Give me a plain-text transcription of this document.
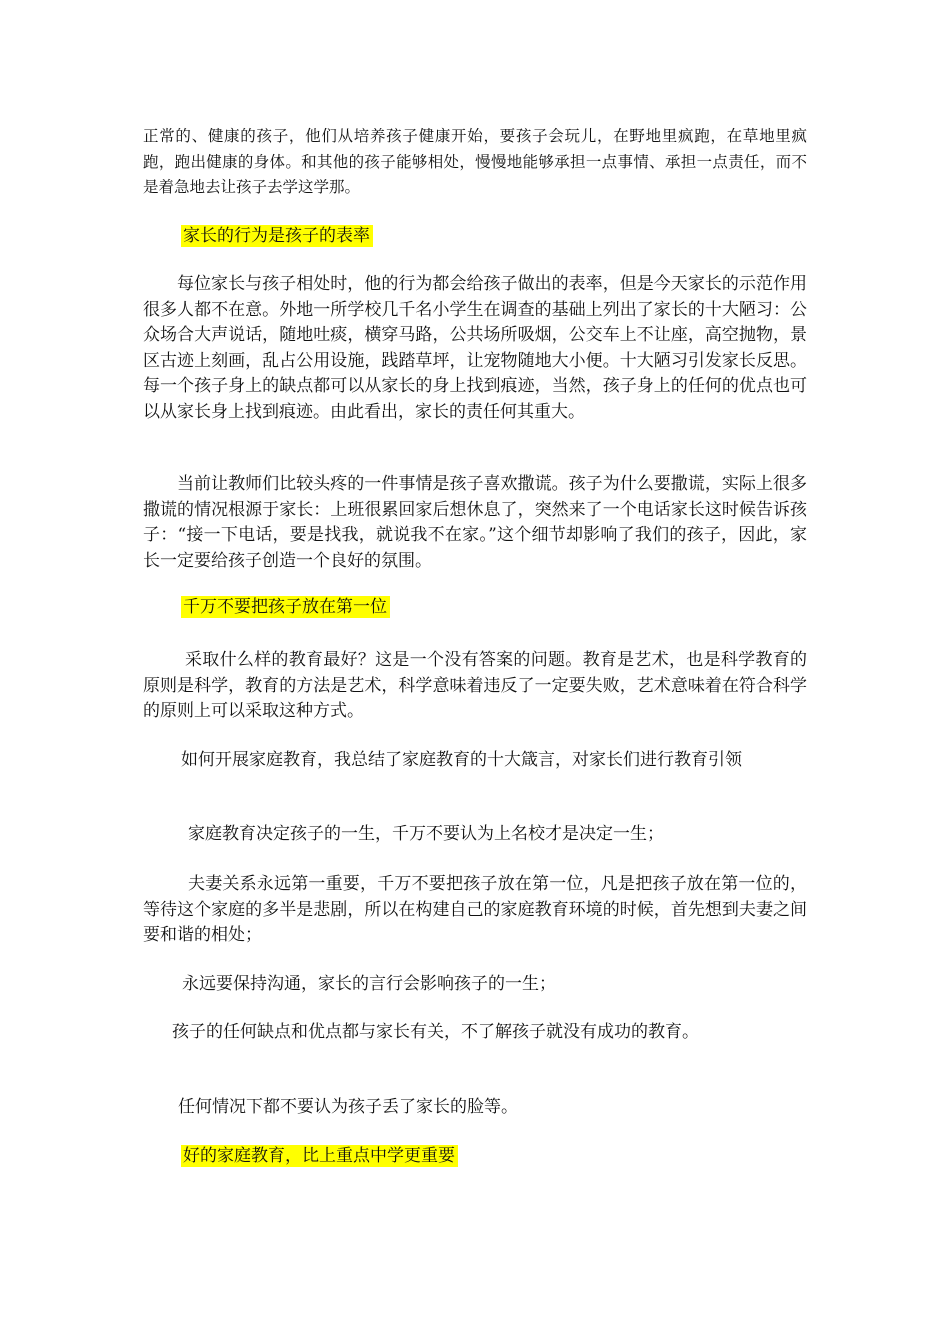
正常的、健康的孩子，他们从培养孩子健康开始，要孩子会玩儿，在野地里疯跑，在草地里疯跑，跑出健康的身体。和其他的孩子能够相处，慢慢地能够承担一点事情、承担一点责任，而不是着急地去让孩子去学这学那。

家长的行为是孩子的表率

每位家长与孩子相处时，他的行为都会给孩子做出的表率，但是今天家长的示范作用很多人都不在意。外地一所学校几千名小学生在调查的基础上列出了家长的十大陋习：公众场合大声说话，随地吐痰，横穿马路，公共场所吸烟，公交车上不让座，高空抛物，景区古迹上刻画，乱占公用设施，践踏草坪，让宠物随地大小便。十大陋习引发家长反思。每一个孩子身上的缺点都可以从家长的身上找到痕迹，当然，孩子身上的任何的优点也可以从家长身上找到痕迹。由此看出，家长的责任何其重大。

当前让教师们比较头疼的一件事情是孩子喜欢撒谎。孩子为什么要撒谎，实际上很多撒谎的情况根源于家长：上班很累回家后想休息了，突然来了一个电话家长这时候告诉孩子：“接一下电话，要是找我，就说我不在家。”这个细节却影响了我们的孩子，因此，家长一定要给孩子创造一个良好的氛围。

千万不要把孩子放在第一位

采取什么样的教育最好？这是一个没有答案的问题。教育是艺术，也是科学教育的原则是科学，教育的方法是艺术，科学意味着违反了一定要失败，艺术意味着在符合科学的原则上可以采取这种方式。

如何开展家庭教育，我总结了家庭教育的十大箴言，对家长们进行教育引领

家庭教育决定孩子的一生，千万不要认为上名校才是决定一生；

夫妻关系永远第一重要，千万不要把孩子放在第一位，凡是把孩子放在第一位的，等待这个家庭的多半是悲剧，所以在构建自己的家庭教育环境的时候，首先想到夫妻之间要和谐的相处；

永远要保持沟通，家长的言行会影响孩子的一生；

孩子的任何缺点和优点都与家长有关，不了解孩子就没有成功的教育。

任何情况下都不要认为孩子丢了家长的脸等。

好的家庭教育，比上重点中学更重要
